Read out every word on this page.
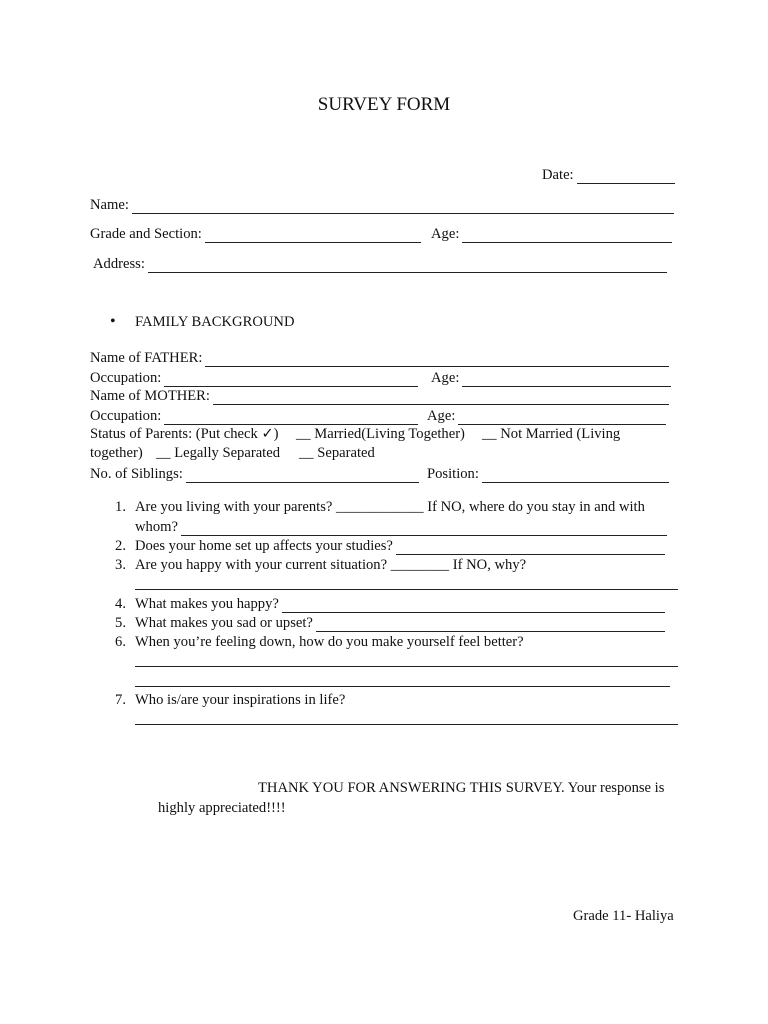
SURVEY FORM
Date:
Name:
Grade and Section:	Age:
Address:
• FAMILY BACKGROUND
Name of FATHER:
Occupation:	Age:
Name of MOTHER:
Occupation:	Age:
Status of Parents: (Put check ✓) __ Married(Living Together) __ Not Married (Living
together) __ Legally Separated __ Separated
No. of Siblings:	Position:
1. Are you living with your parents? ____________ If NO, where do you stay in and with
whom?
2. Does your home set up affects your studies?
3. Are you happy with your current situation? ________ If NO, why?
4. What makes you happy?
5. What makes you sad or upset?
6. When you’re feeling down, how do you make yourself feel better?
7. Who is/are your inspirations in life?
THANK YOU FOR ANSWERING THIS SURVEY. Your response is
highly appreciated!!!!
Grade 11- Haliya
